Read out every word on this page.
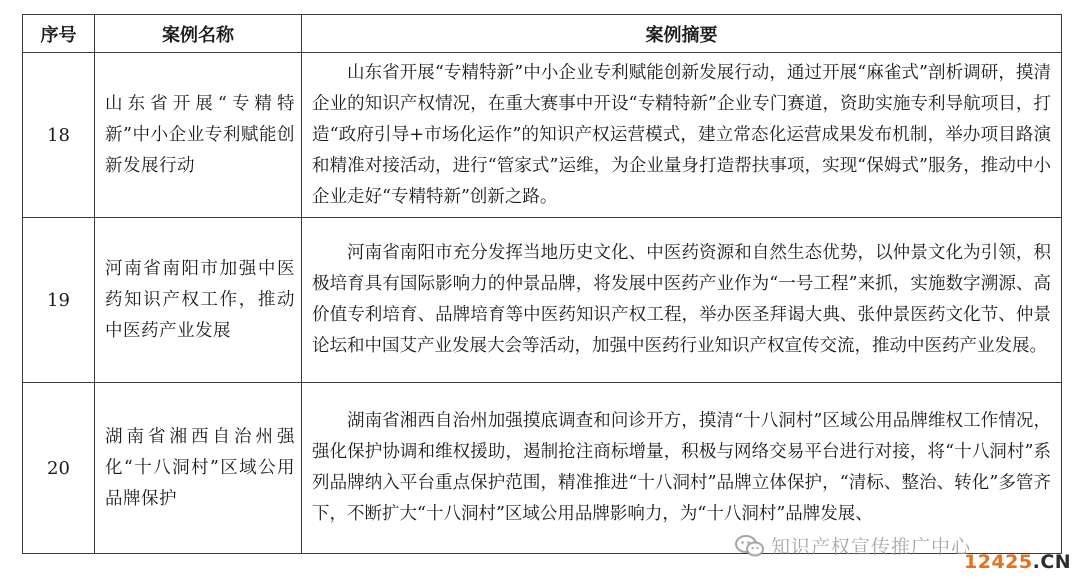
序号	案例名称	案例摘要
18	山东省开展“专精特新”中小企业专利赋能创新发展行动	山东省开展“专精特新”中小企业专利赋能创新发展行动，通过开展“麻雀式”剖析调研，摸清企业的知识产权情况，在重大赛事中开设“专精特新”企业专门赛道，资助实施专利导航项目，打造“政府引导+市场化运作”的知识产权运营模式，建立常态化运营成果发布机制，举办项目路演和精准对接活动，进行“管家式”运维，为企业量身打造帮扶事项，实现“保姆式”服务，推动中小企业走好“专精特新”创新之路。

19	河南省南阳市加强中医药知识产权工作，推动中医药产业发展	河南省南阳市充分发挥当地历史文化、中医药资源和自然生态优势，以仲景文化为引领，积极培育具有国际影响力的仲景品牌，将发展中医药产业作为“一号工程”来抓，实施数字溯源、高价值专利培育、品牌培育等中医药知识产权工程，举办医圣拜谒大典、张仲景医药文化节、仲景论坛和中国艾产业发展大会等活动，加强中医药行业知识产权宣传交流，推动中医药产业发展。

20	湖南省湘西自治州强化“十八洞村”区域公用品牌保护	湖南省湘西自治州加强摸底调查和问诊开方，摸清“十八洞村”区域公用品牌维权工作情况，强化保护协调和维权援助，遏制抢注商标增量，积极与网络交易平台进行对接，将“十八洞村”系列品牌纳入平台重点保护范围，精准推进“十八洞村”品牌立体保护，“清标、整治、转化”多管齐下，不断扩大“十八洞村”区域公用品牌影响力，为“十八洞村”品牌发展、

知识产权宣传推广中心
12425.CN
